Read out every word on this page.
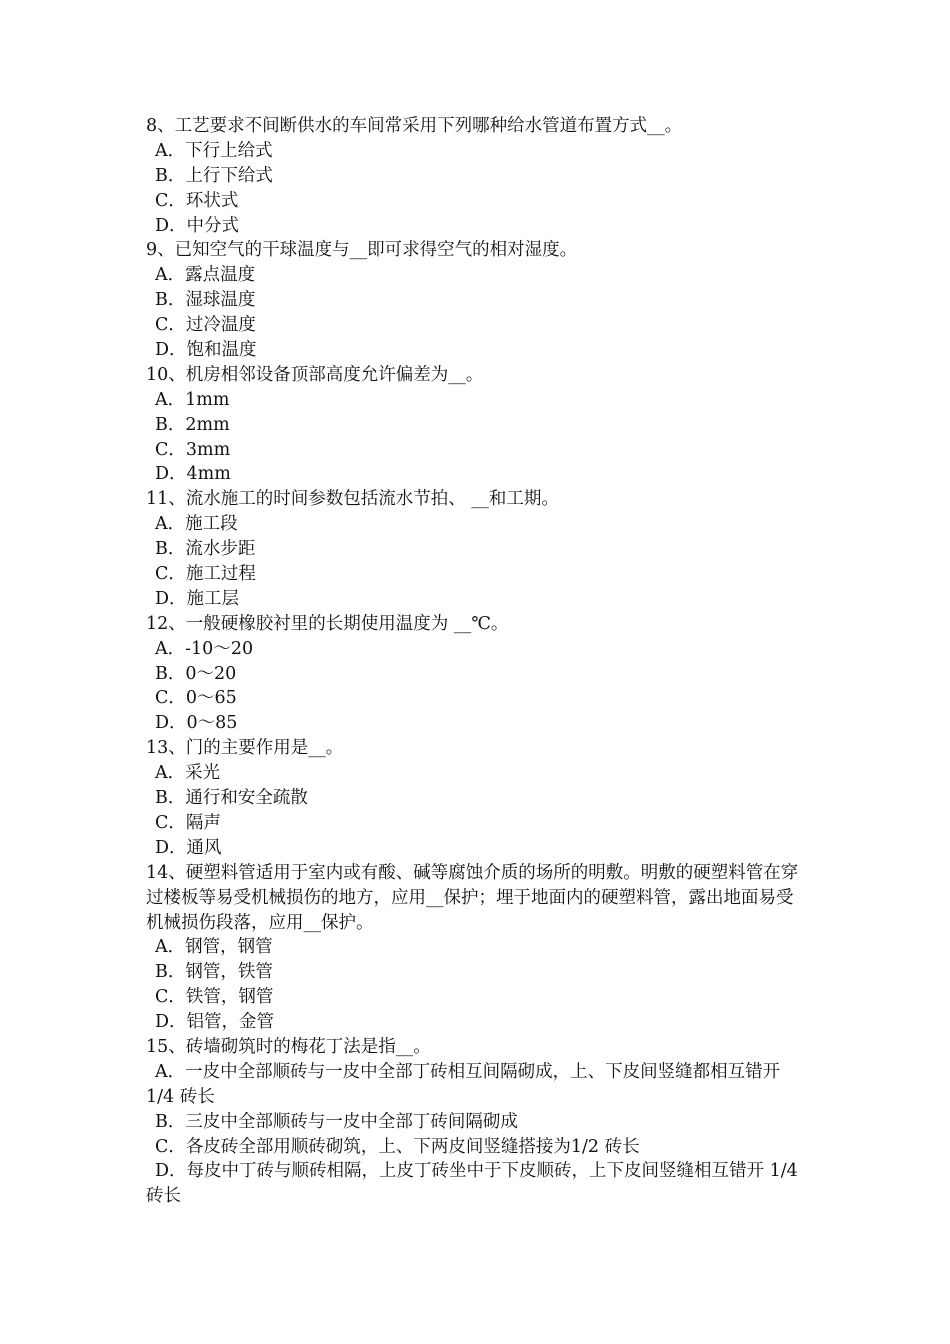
8、工艺要求不间断供水的车间常采用下列哪种给水管道布置方式__。
A．下行上给式
B．上行下给式
C．环状式
D．中分式
9、已知空气的干球温度与__即可求得空气的相对湿度。
A．露点温度
B．湿球温度
C．过冷温度
D．饱和温度
10、机房相邻设备顶部高度允许偏差为__。
A．1mm
B．2mm
C．3mm
D．4mm
11、流水施工的时间参数包括流水节拍、 __和工期。
A．施工段
B．流水步距
C．施工过程
D．施工层
12、一般硬橡胶衬里的长期使用温度为 __℃。
A．-10～20
B．0～20
C．0～65
D．0～85
13、门的主要作用是__。
A．采光
B．通行和安全疏散
C．隔声
D．通风
14、硬塑料管适用于室内或有酸、碱等腐蚀介质的场所的明敷。明敷的硬塑料管在穿过楼板等易受机械损伤的地方，应用__保护；埋于地面内的硬塑料管，露出地面易受机械损伤段落，应用__保护。
A．钢管，钢管
B．钢管，铁管
C．铁管，钢管
D．铝管，金管
15、砖墙砌筑时的梅花丁法是指__。
A．一皮中全部顺砖与一皮中全部丁砖相互间隔砌成，上、下皮间竖缝都相互错开 1/4 砖长
B．三皮中全部顺砖与一皮中全部丁砖间隔砌成
C．各皮砖全部用顺砖砌筑，上、下两皮间竖缝搭接为1/2 砖长
D．每皮中丁砖与顺砖相隔，上皮丁砖坐中于下皮顺砖，上下皮间竖缝相互错开 1/4 砖长
